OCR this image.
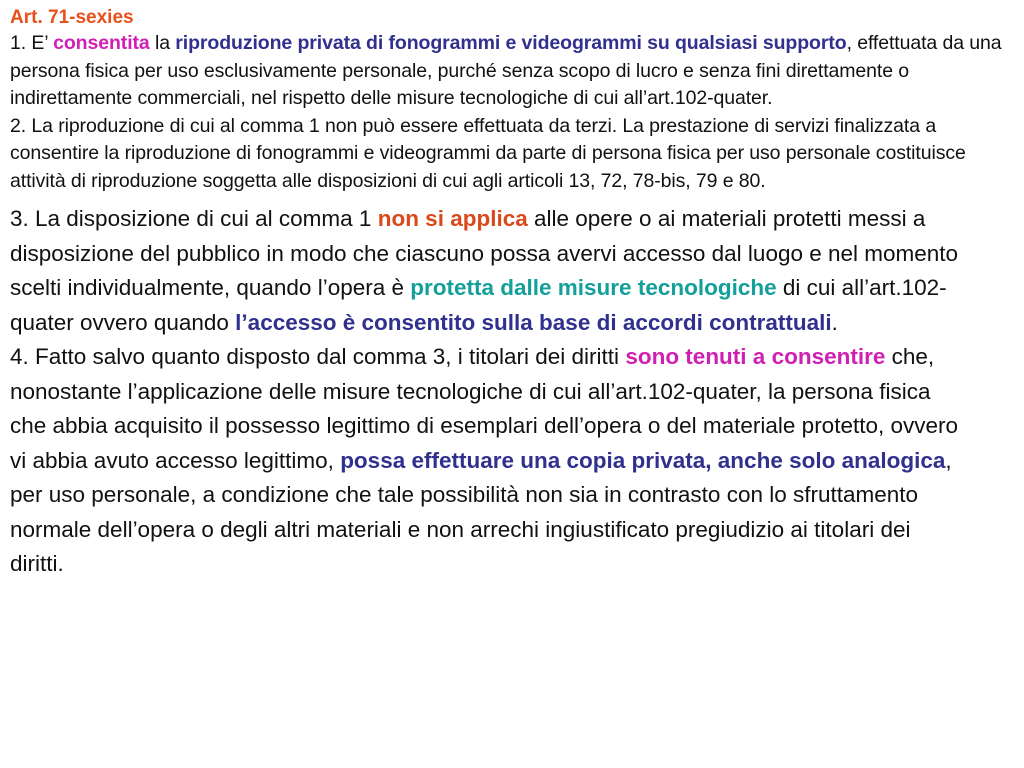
Art. 71-sexies

1. E’ consentita la riproduzione privata di fonogrammi e videogrammi su qualsiasi supporto, effettuata da una persona fisica per uso esclusivamente personale, purché senza scopo di lucro e senza fini direttamente o indirettamente commerciali, nel rispetto delle misure tecnologiche di cui all’art.102-quater.

2. La riproduzione di cui al comma 1 non può essere effettuata da terzi. La prestazione di servizi finalizzata a consentire la riproduzione di fonogrammi e videogrammi da parte di persona fisica per uso personale costituisce attività di riproduzione soggetta alle disposizioni di cui agli articoli 13, 72, 78-bis, 79 e 80.

3. La disposizione di cui al comma 1 non si applica alle opere o ai materiali protetti messi a disposizione del pubblico in modo che ciascuno possa avervi accesso dal luogo e nel momento scelti individualmente, quando l’opera è protetta dalle misure tecnologiche di cui all’art.102-quater ovvero quando l’accesso è consentito sulla base di accordi contrattuali.

4. Fatto salvo quanto disposto dal comma 3, i titolari dei diritti sono tenuti a consentire che, nonostante l’applicazione delle misure tecnologiche di cui all’art.102-quater, la persona fisica che abbia acquisito il possesso legittimo di esemplari dell’opera o del materiale protetto, ovvero vi abbia avuto accesso legittimo, possa effettuare una copia privata, anche solo analogica, per uso personale, a condizione che tale possibilità non sia in contrasto con lo sfruttamento normale dell’opera o degli altri materiali e non arrechi ingiustificato pregiudizio ai titolari dei diritti.
